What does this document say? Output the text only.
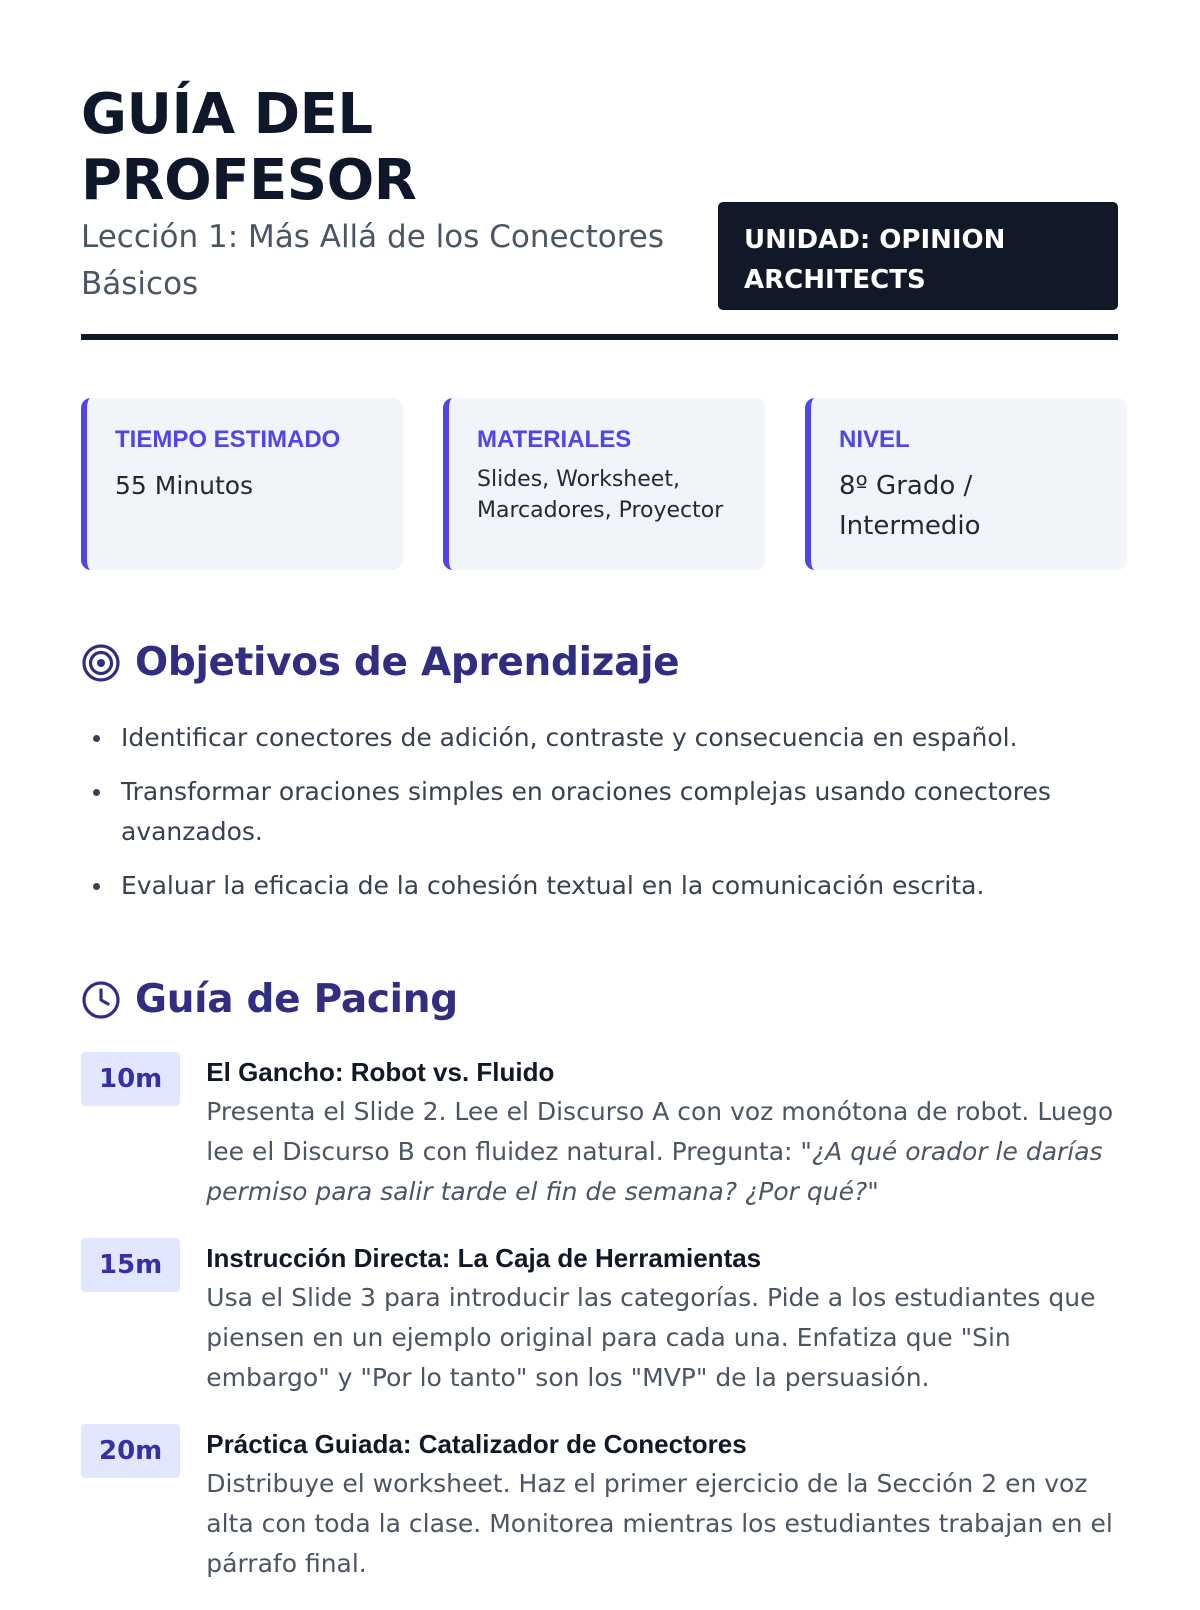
GUÍA DEL PROFESOR
Lección 1: Más Allá de los Conectores Básicos
UNIDAD: OPINION ARCHITECTS
TIEMPO ESTIMADO
55 Minutos
MATERIALES
Slides, Worksheet, Marcadores, Proyector
NIVEL
8º Grado / Intermedio
Objetivos de Aprendizaje
Identificar conectores de adición, contraste y consecuencia en español.
Transformar oraciones simples en oraciones complejas usando conectores avanzados.
Evaluar la eficacia de la cohesión textual en la comunicación escrita.
Guía de Pacing
10m	El Gancho: Robot vs. Fluido
Presenta el Slide 2. Lee el Discurso A con voz monótona de robot. Luego lee el Discurso B con fluidez natural. Pregunta: "¿A qué orador le darías permiso para salir tarde el fin de semana? ¿Por qué?"
15m	Instrucción Directa: La Caja de Herramientas
Usa el Slide 3 para introducir las categorías. Pide a los estudiantes que piensen en un ejemplo original para cada una. Enfatiza que "Sin embargo" y "Por lo tanto" son los "MVP" de la persuasión.
20m	Práctica Guiada: Catalizador de Conectores
Distribuye el worksheet. Haz el primer ejercicio de la Sección 2 en voz alta con toda la clase. Monitorea mientras los estudiantes trabajan en el párrafo final.
